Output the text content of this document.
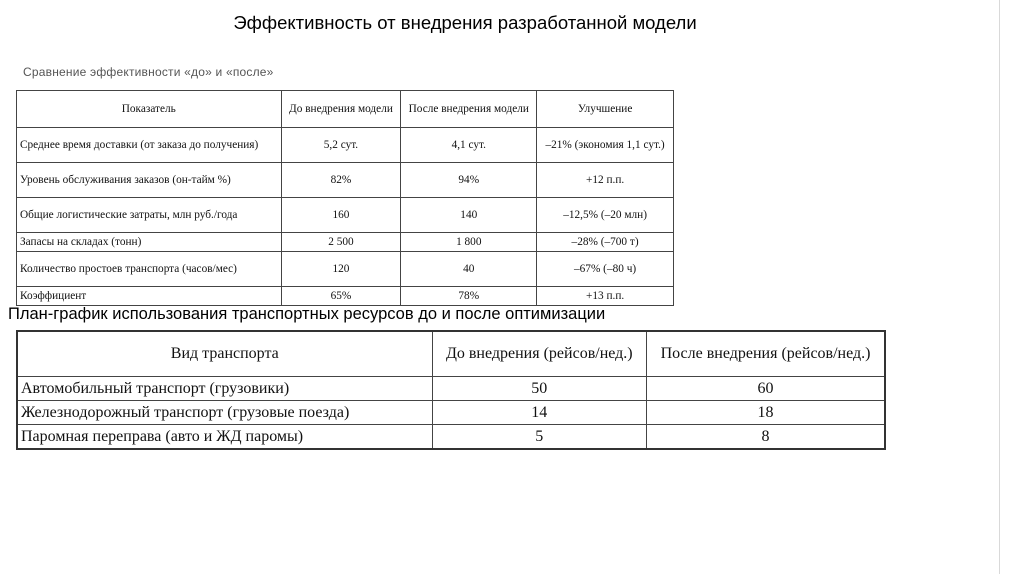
Эффективность от внедрения разработанной модели
Сравнение эффективности «до» и «после»
Показатель	До внедрения модели	После внедрения модели	Улучшение
Среднее время доставки (от заказа до получения)	5,2 сут.	4,1 сут.	–21% (экономия 1,1 сут.)
Уровень обслуживания заказов (он-тайм %)	82%	94%	+12 п.п.
Общие логистические затраты, млн руб./года	160	140	–12,5% (–20 млн)
Запасы на складах (тонн)	2 500	1 800	–28% (–700 т)
Количество простоев транспорта (часов/мес)	120	40	–67% (–80 ч)
Коэффициент	65%	78%	+13 п.п.
План-график использования транспортных ресурсов до и после оптимизации
Вид транспорта	До внедрения (рейсов/нед.)	После внедрения (рейсов/нед.)
Автомобильный транспорт (грузовики)	50	60
Железнодорожный транспорт (грузовые поезда)	14	18
Паромная переправа (авто и ЖД паромы)	5	8
